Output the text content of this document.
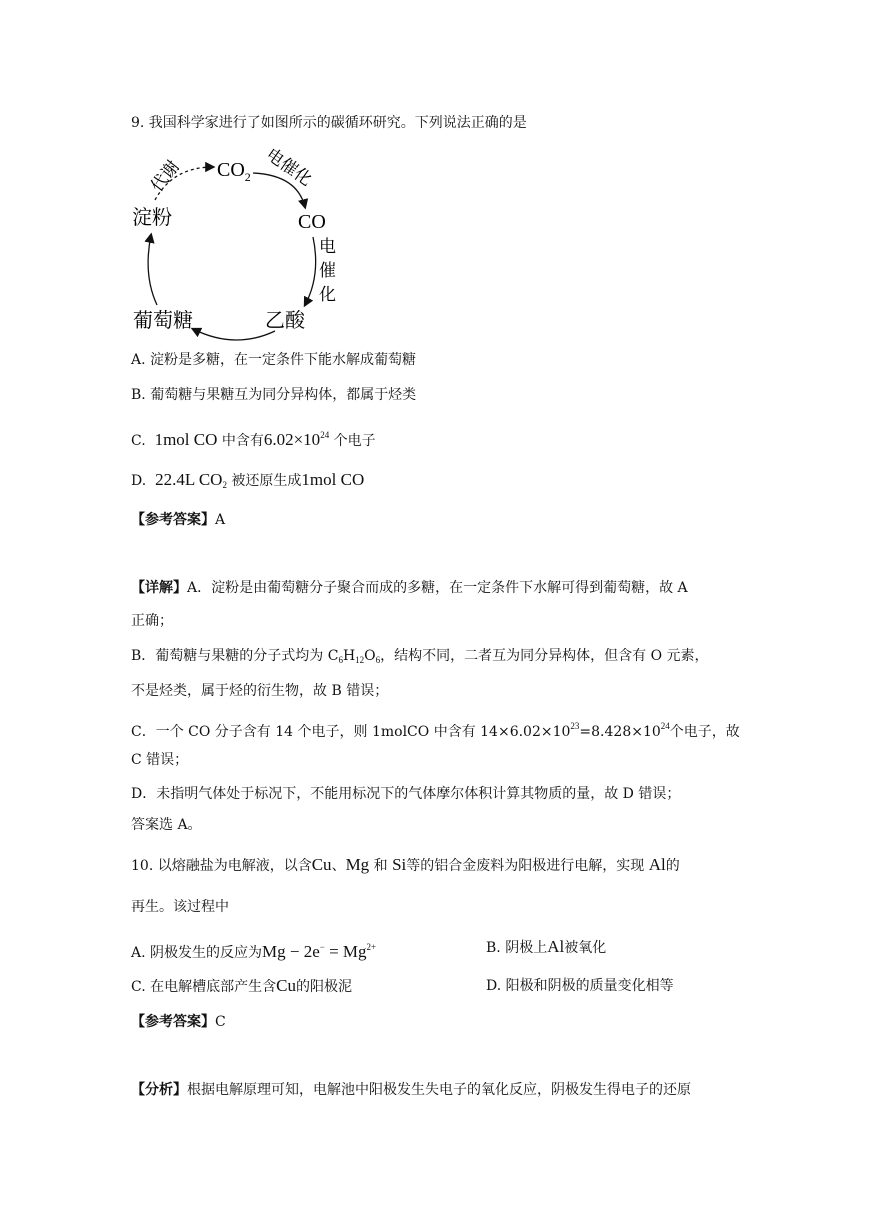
9. 我国科学家进行了如图所示的碳循环研究。下列说法正确的是
$CO_2$
CO
乙酸
葡萄糖
淀粉
代谢	电催化
电
催
化
A. 淀粉是多糖，在一定条件下能水解成葡萄糖
B. 葡萄糖与果糖互为同分异构体，都属于烃类
C. 1mol CO 中含有$6.02\times 10^{24}$ 个电子
D. 22.4L $CO_2$ 被还原生成1mol CO
【参考答案】A
【详解】A．淀粉是由葡萄糖分子聚合而成的多糖，在一定条件下水解可得到葡萄糖，故 A
正确；
B．葡萄糖与果糖的分子式均为 $C_6H_{12}O_6$，结构不同，二者互为同分异构体，但含有 O 元素，
不是烃类，属于烃的衍生物，故 B 错误；
C．一个 CO 分子含有 14 个电子，则 1molCO 中含有 $14\times 6.02\times 10^{23}=8.428\times 10^{24}$个电子，故
C 错误；
D．未指明气体处于标况下，不能用标况下的气体摩尔体积计算其物质的量，故 D 错误；
答案选 A。
10. 以熔融盐为电解液，以含Cu、Mg 和 Si等的铝合金废料为阳极进行电解，实现 Al的
再生。该过程中
A. 阴极发生的反应为$Mg - 2e^- = Mg^{2+}$	B. 阴极上Al被氧化
C. 在电解槽底部产生含Cu的阳极泥	D. 阳极和阴极的质量变化相等
【参考答案】C
【分析】根据电解原理可知，电解池中阳极发生失电子的氧化反应，阴极发生得电子的还原
